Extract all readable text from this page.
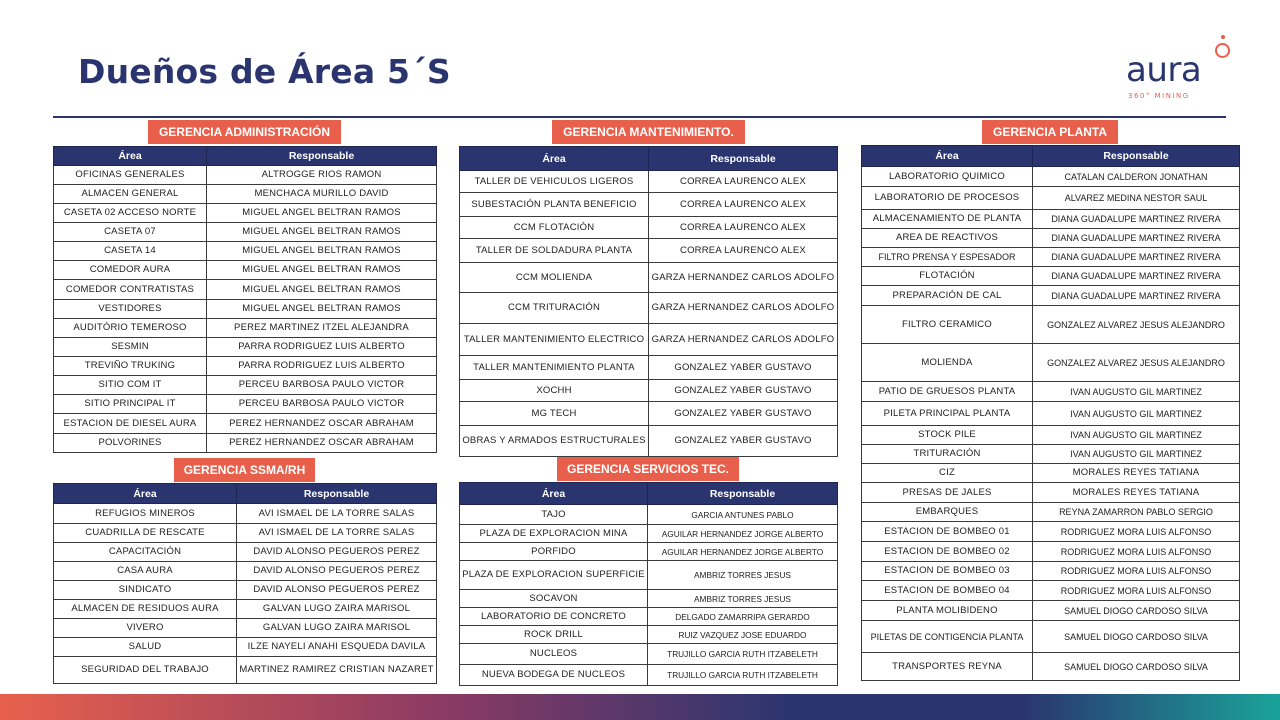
Dueños de Área 5´S	aura
360° MINING
GERENCIA ADMINISTRACIÓN
GERENCIA SSMA/RH
GERENCIA MANTENIMIENTO.
GERENCIA SERVICIOS TEC.
GERENCIA PLANTA
Área	Responsable
OFICINAS GENERALES	ALTROGGE RIOS RAMON
ALMACEN GENERAL	MENCHACA MURILLO DAVID
CASETA 02 ACCESO NORTE	MIGUEL ANGEL BELTRAN RAMOS
CASETA 07	MIGUEL ANGEL BELTRAN RAMOS
CASETA 14	MIGUEL ANGEL BELTRAN RAMOS
COMEDOR AURA	MIGUEL ANGEL BELTRAN RAMOS
COMEDOR CONTRATISTAS	MIGUEL ANGEL BELTRAN RAMOS
VESTIDORES	MIGUEL ANGEL BELTRAN RAMOS
AUDITÓRIO TEMEROSO	PEREZ MARTINEZ ITZEL ALEJANDRA
SESMIN	PARRA RODRIGUEZ LUIS ALBERTO
TREVIÑO TRUKING	PARRA RODRIGUEZ LUIS ALBERTO
SITIO COM IT	PERCEU BARBOSA PAULO VICTOR
SITIO PRINCIPAL IT	PERCEU BARBOSA PAULO VICTOR
ESTACION DE DIESEL AURA	PEREZ HERNANDEZ OSCAR ABRAHAM
POLVORINES	PEREZ HERNANDEZ OSCAR ABRAHAM
Área	Responsable
REFUGIOS MINEROS	AVI ISMAEL DE LA TORRE SALAS
CUADRILLA DE RESCATE	AVI ISMAEL DE LA TORRE SALAS
CAPACITACIÓN	DAVID ALONSO PEGUEROS PEREZ
CASA AURA	DAVID ALONSO PEGUEROS PEREZ
SINDICATO	DAVID ALONSO PEGUEROS PEREZ
ALMACEN DE RESIDUOS AURA	GALVAN LUGO ZAIRA MARISOL
VIVERO	GALVAN LUGO ZAIRA MARISOL
SALUD	ILZE NAYELI ANAHI ESQUEDA DAVILA
SEGURIDAD DEL TRABAJO	MARTINEZ RAMIREZ CRISTIAN NAZARET
Área	Responsable
TALLER DE VEHICULOS LIGEROS	CORREA LAURENCO ALEX
SUBESTACIÓN PLANTA BENEFICIO	CORREA LAURENCO ALEX
CCM FLOTACIÓN	CORREA LAURENCO ALEX
TALLER DE SOLDADURA PLANTA	CORREA LAURENCO ALEX
CCM MOLIENDA	GARZA HERNANDEZ CARLOS ADOLFO
CCM TRITURACIÓN	GARZA HERNANDEZ CARLOS ADOLFO
TALLER MANTENIMIENTO ELECTRICO	GARZA HERNANDEZ CARLOS ADOLFO
TALLER MANTENIMIENTO PLANTA	GONZALEZ YABER GUSTAVO
XOCHH	GONZALEZ YABER GUSTAVO
MG TECH	GONZALEZ YABER GUSTAVO
OBRAS Y ARMADOS ESTRUCTURALES	GONZALEZ YABER GUSTAVO
Área	Responsable
TAJO	GARCIA ANTUNES PABLO
PLAZA DE EXPLORACION MINA	AGUILAR HERNANDEZ JORGE ALBERTO
PORFIDO	AGUILAR HERNANDEZ JORGE ALBERTO
PLAZA DE EXPLORACION SUPERFICIE	AMBRIZ TORRES JESUS
SOCAVON	AMBRIZ TORRES JESUS
LABORATORIO DE CONCRETO	DELGADO ZAMARRIPA GERARDO
ROCK DRILL	RUIZ VAZQUEZ JOSE EDUARDO
NUCLEOS	TRUJILLO GARCIA RUTH ITZABELETH
NUEVA BODEGA DE NUCLEOS	TRUJILLO GARCIA RUTH ITZABELETH
Área	Responsable
LABORATORIO QUIMICO	CATALAN CALDERON JONATHAN
LABORATORIO DE PROCESOS	ALVAREZ MEDINA NESTOR SAUL
ALMACENAMIENTO DE PLANTA	DIANA GUADALUPE MARTINEZ RIVERA
AREA DE REACTIVOS	DIANA GUADALUPE MARTINEZ RIVERA
FILTRO PRENSA Y ESPESADOR	DIANA GUADALUPE MARTINEZ RIVERA
FLOTACIÓN	DIANA GUADALUPE MARTINEZ RIVERA
PREPARACIÓN DE CAL	DIANA GUADALUPE MARTINEZ RIVERA
FILTRO CERAMICO	GONZALEZ ALVAREZ JESUS ALEJANDRO
MOLIENDA	GONZALEZ ALVAREZ JESUS ALEJANDRO
PATIO DE GRUESOS PLANTA	IVAN AUGUSTO GIL MARTINEZ
PILETA PRINCIPAL PLANTA	IVAN AUGUSTO GIL MARTINEZ
STOCK PILE	IVAN AUGUSTO GIL MARTINEZ
TRITURACIÓN	IVAN AUGUSTO GIL MARTINEZ
CIZ	MORALES REYES TATIANA
PRESAS DE JALES	MORALES REYES TATIANA
EMBARQUES	REYNA ZAMARRON PABLO SERGIO
ESTACION DE BOMBEO 01	RODRIGUEZ MORA LUIS ALFONSO
ESTACION DE BOMBEO 02	RODRIGUEZ MORA LUIS ALFONSO
ESTACION DE BOMBEO 03	RODRIGUEZ MORA LUIS ALFONSO
ESTACION DE BOMBEO 04	RODRIGUEZ MORA LUIS ALFONSO
PLANTA MOLIBIDENO	SAMUEL DIOGO CARDOSO SILVA
PILETAS DE CONTIGENCIA PLANTA	SAMUEL DIOGO CARDOSO SILVA
TRANSPORTES REYNA	SAMUEL DIOGO CARDOSO SILVA
